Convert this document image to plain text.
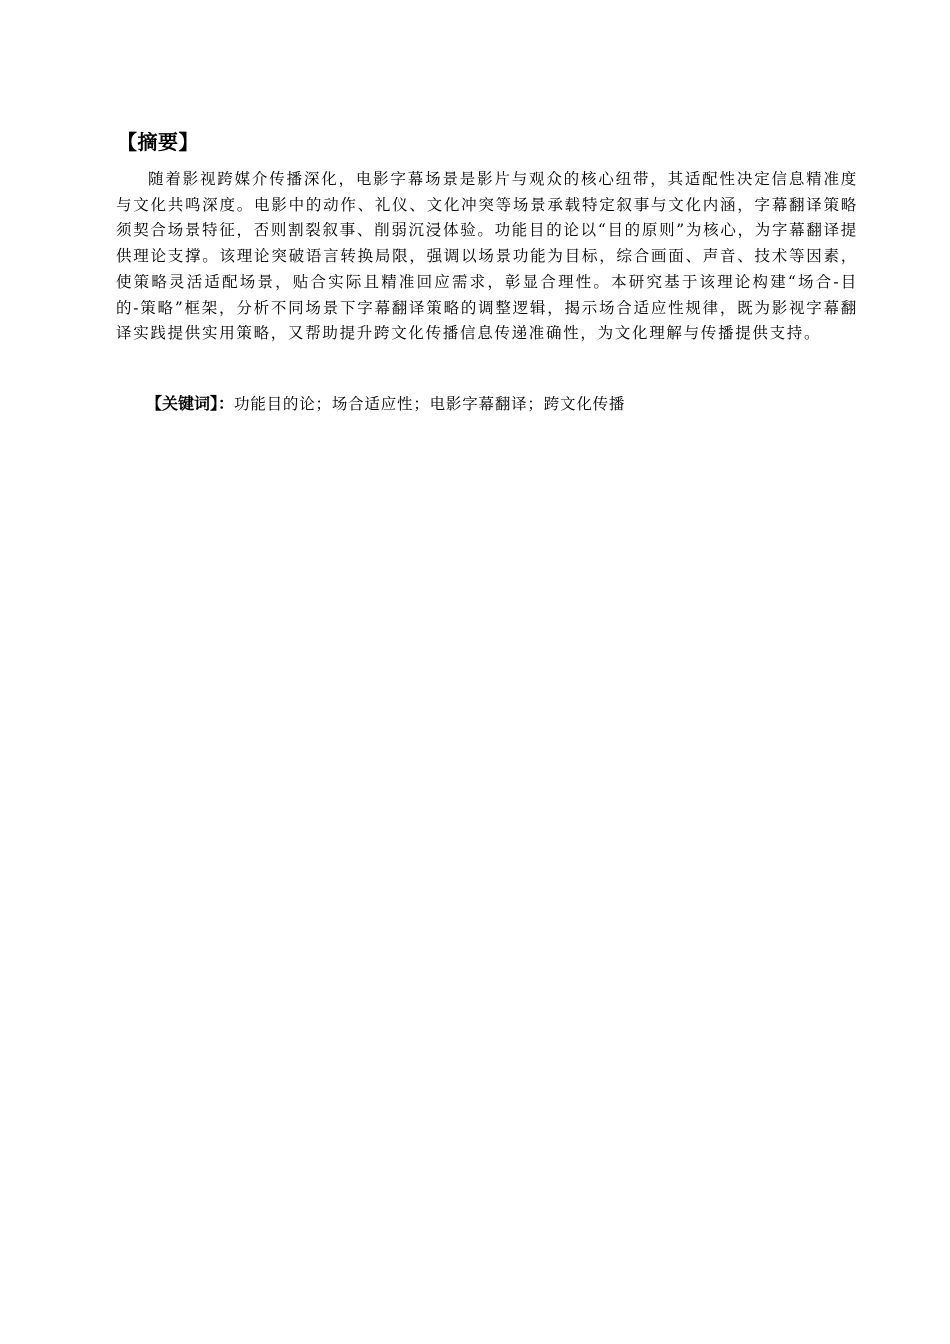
【摘要】

随着影视跨媒介传播深化，电影字幕场景是影片与观众的核心纽带，其适配性决定信息精准度与文化共鸣深度。电影中的动作、礼仪、文化冲突等场景承载特定叙事与文化内涵，字幕翻译策略须契合场景特征，否则割裂叙事、削弱沉浸体验。功能目的论以“目的原则”为核心，为字幕翻译提供理论支撑。该理论突破语言转换局限，强调以场景功能为目标，综合画面、声音、技术等因素，使策略灵活适配场景，贴合实际且精准回应需求，彰显合理性。本研究基于该理论构建“场合-目的-策略”框架，分析不同场景下字幕翻译策略的调整逻辑，揭示场合适应性规律，既为影视字幕翻译实践提供实用策略，又帮助提升跨文化传播信息传递准确性，为文化理解与传播提供支持。

【关键词】：功能目的论；场合适应性；电影字幕翻译；跨文化传播
